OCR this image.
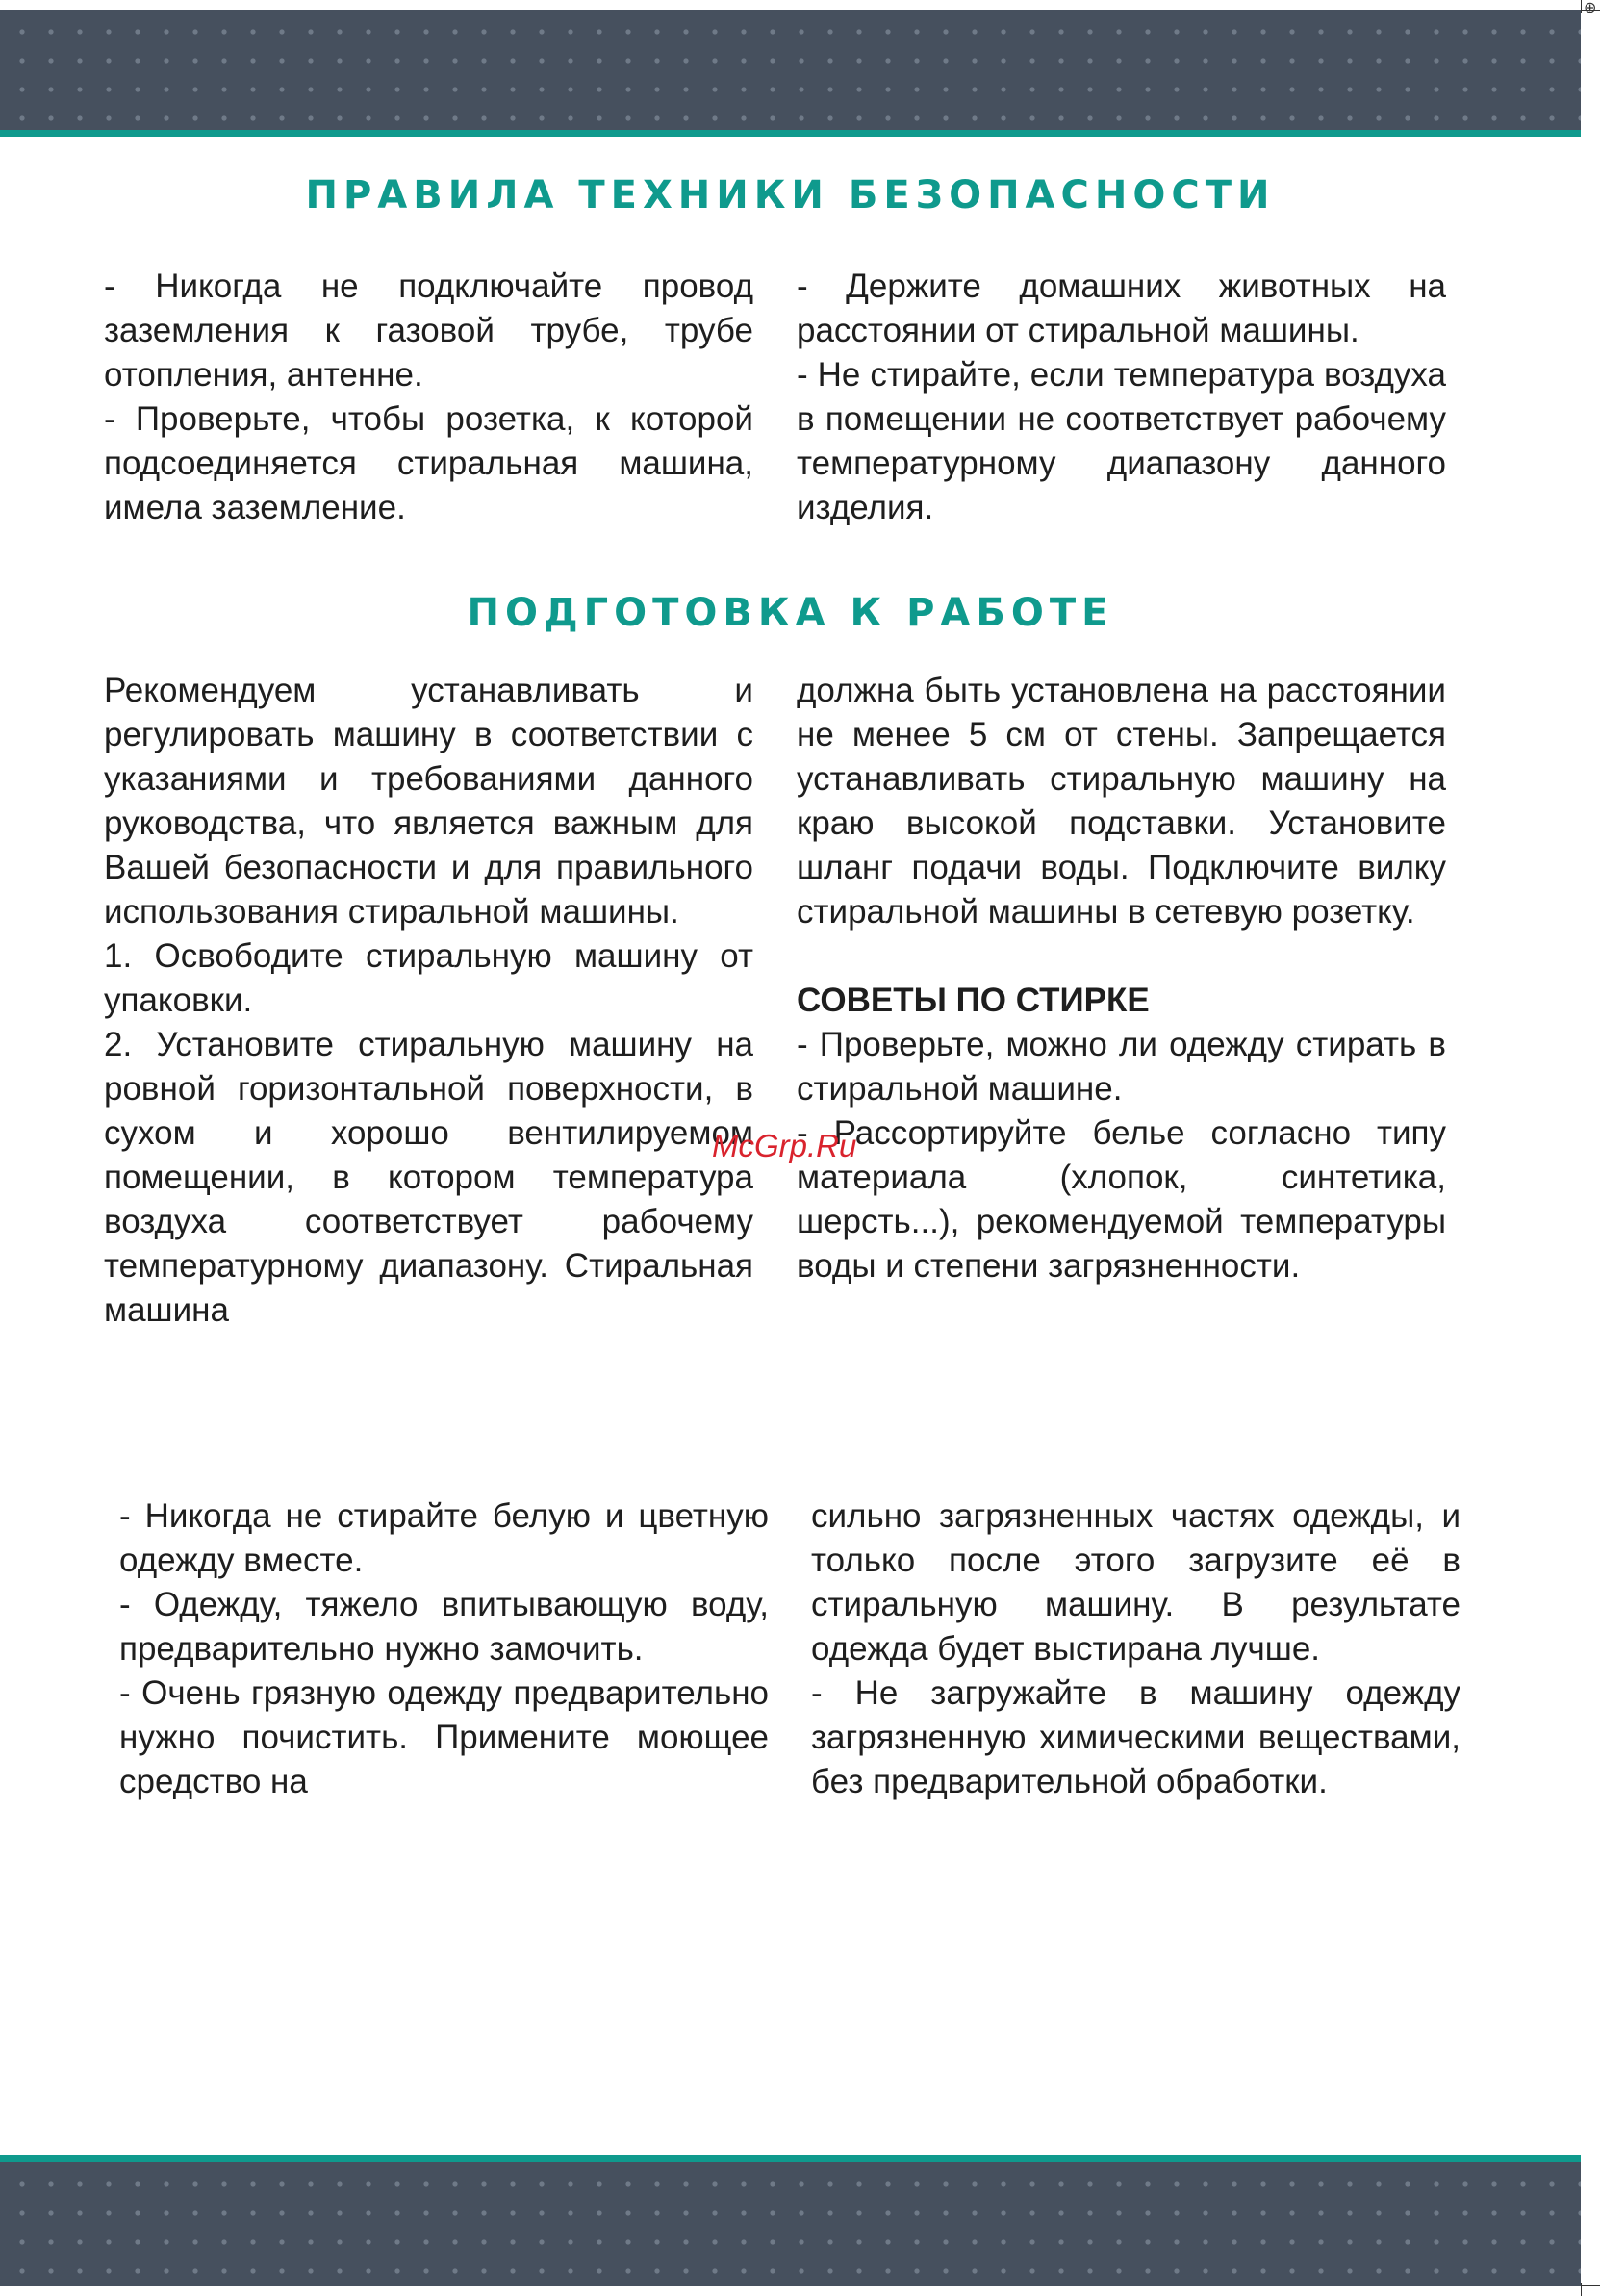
⊕
ПРАВИЛА ТЕХНИКИ БЕЗОПАСНОСТИ

- Никогда не подключайте провод заземления к газовой трубе, трубе отопления, антенне.

- Проверьте, чтобы розетка, к которой подсоединяется стиральная машина, имела заземление.

- Держите домашних животных на расстоянии от стиральной машины.

- Не стирайте, если температура воздуха в помещении не соответствует рабочему температурному диапазону данного изделия.

ПОДГОТОВКА К РАБОТЕ

Рекомендуем устанавливать и регулировать машину в соответствии с указаниями и требованиями данного руководства, что является важным для Вашей безопасности и для правильного использования стиральной машины.

1. Освободите стиральную машину от упаковки.

2. Установите стиральную машину на ровной горизонтальной поверхности, в сухом и хорошо вентилируемом помещении, в котором температура воздуха соответствует рабочему температурному диапазону. Стиральная машина

должна быть установлена на расстоянии не менее 5 см от стены. Запрещается устанавливать стиральную машину на краю высокой подставки. Установите шланг подачи воды. Подключите вилку стиральной машины в сетевую розетку.

СОВЕТЫ ПО СТИРКЕ

- Проверьте, можно ли одежду стирать в стиральной машине.

- Рассортируйте белье согласно типу материала (хлопок, синтетика, шерсть...), рекомендуемой температуры воды и степени загрязненности.

- Никогда не стирайте белую и цветную одежду вместе.

- Одежду, тяжело впитывающую воду, предварительно нужно замочить.

- Очень грязную одежду предварительно нужно почистить. Примените моющее средство на

сильно загрязненных частях одежды, и только после этого загрузите её в стиральную машину. В результате одежда будет выстирана лучше.

- Не загружайте в машину одежду загрязненную химическими веществами, без предварительной обработки.

McGrp.Ru
